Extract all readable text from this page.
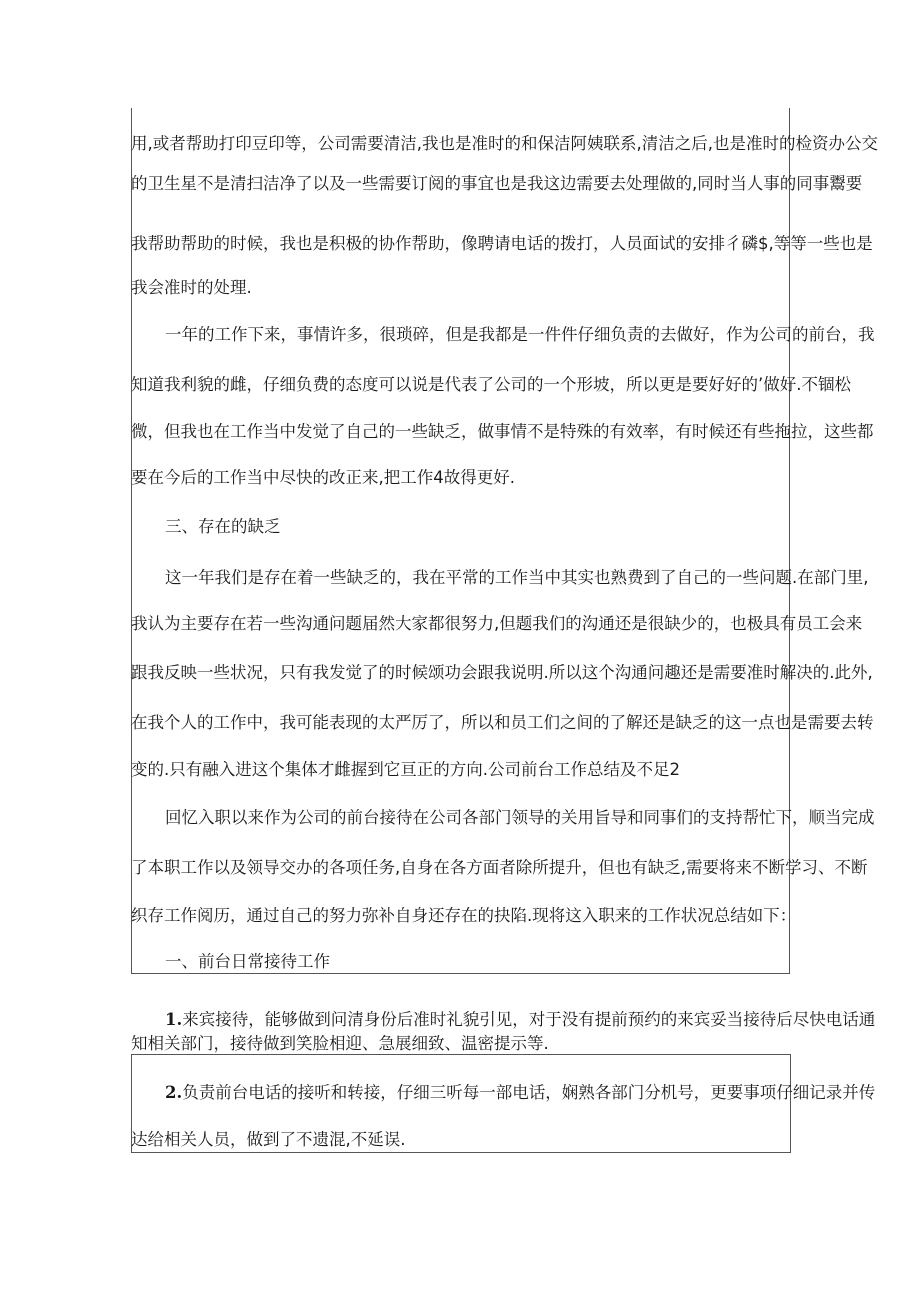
用,或者帮助打印豆印等，公司需要清洁,我也是准时的和保洁阿姨联系,清洁之后,也是准时的检资办公交
的卫生星不是清扫洁净了以及一些需要订阅的事宜也是我这边需要去处理做的,同时当人事的同事鬻要
我帮助帮助的时候，我也是积极的协作帮助，像聘请电话的拨打，人员面试的安排彳磷$,等等一些也是
我会准时的处理.
一年的工作下来，事情许多，很琐碎，但是我都是一件件仔细负责的去做好，作为公司的前台，我
知道我利貌的雌，仔细负费的态度可以说是代表了公司的一个形坡，所以更是要好好的’做好.不锢松
微，但我也在工作当中发觉了自己的一些缺乏，做事情不是特殊的有效率，有时候还有些拖拉，这些都
要在今后的工作当中尽快的改正来,把工作4故得更好.
三、存在的缺乏
这一年我们是存在着一些缺乏的，我在平常的工作当中其实也熟费到了自己的一些问题.在部门里,
我认为主要存在若一些沟通问题届然大家都很努力,但题我们的沟通还是很缺少的，也极具有员工会来
跟我反映一些状况，只有我发觉了的时候颂功会跟我说明.所以这个沟通问趣还是需要准时解决的.此外,
在我个人的工作中，我可能表现的太严厉了，所以和员工们之间的了解还是缺乏的这一点也是需要去转
变的.只有融入进这个集体才雌握到它亘正的方向.公司前台工作总结及不足2
回忆入职以来作为公司的前台接待在公司各部门领导的关用旨导和同事们的支持帮忙下，顺当完成
了本职工作以及领导交办的各项任务,自身在各方面者除所提升，但也有缺乏,需要将来不断学习、不断
织存工作阅历，通过自己的努力弥补自身还存在的抉陷.现将这入职来的工作状况总结如下：
一、前台日常接待工作
1.来宾接待，能够做到问清身份后准时礼貌引见，对于没有提前预约的来宾妥当接待后尽快电话通
知相关部门，接待做到笑脸相迎、急展细致、温密提示等.
2.负责前台电话的接听和转接，仔细三听每一部电话，娴熟各部门分机号，更要事项仔细记录并传
达给相关人员，做到了不遗混,不延误.
